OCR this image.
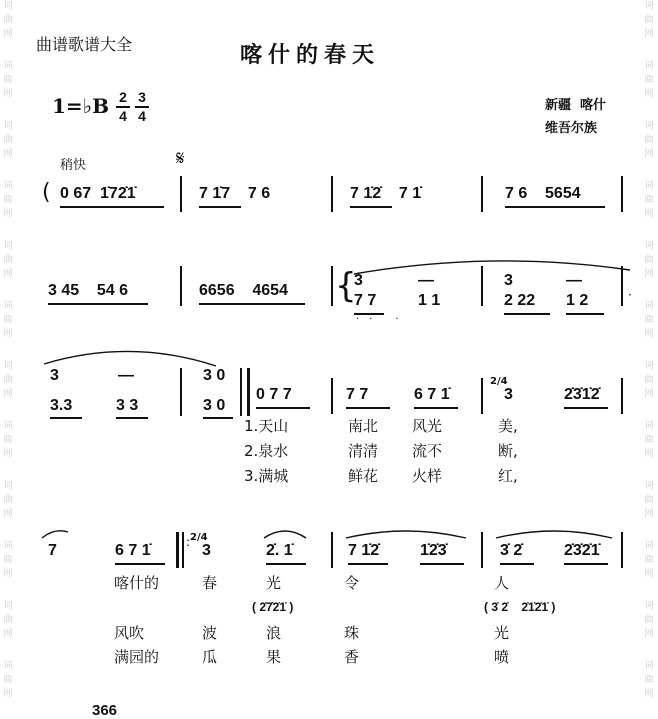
词
曲
网
词
曲
网
词
曲
网
词
曲
网
词
曲
网
词
曲
网
词
曲
网
词
曲
网
词
曲
网
词
曲
网
词
曲
网
词
曲
网
词
曲
网
词
曲
网
词
曲
网
词
曲
网
词
曲
网
词
曲
网
词
曲
网
词
曲
网
词
曲
网
词
曲
网
词
曲
网
词
曲
网
曲谱歌谱大全	喀什的春天
1=♭B 2
4
3
4
新疆  喀什
维吾尔族
稍快	𝄋
( 0 67  1̇72̇1̇	7 1̇7    7 6	7 1̇2̇    7 1̇	7 6    5654
{
3 45    54 6	6656    4654
3	—	3	—
7 7	1 1	2 22 1 2
·· ·
·
3	—	3 0
3.3	3 3	3 0
0 7 7	7 7	6 7 1̇
2/4
3	2̇3̇1̇2̇
1.天山	南北 风光	美,
2.泉水	清清 流不	断,
3.满城	鲜花 火样	红,
7	6 7 1̇	: 2/4
3	2̇. 1̇	7 1̇2̇	1̇2̇3̇	3̇ 2̇	2̇3̇2̇1̇
喀什的	春	光	令	人
( 2̇7̇2̇1̇ )	( 3̇ 2̇    2̇1̇2̇1̇ )
风吹	波	浪	珠	光
满园的	瓜	果	香	喷
366
